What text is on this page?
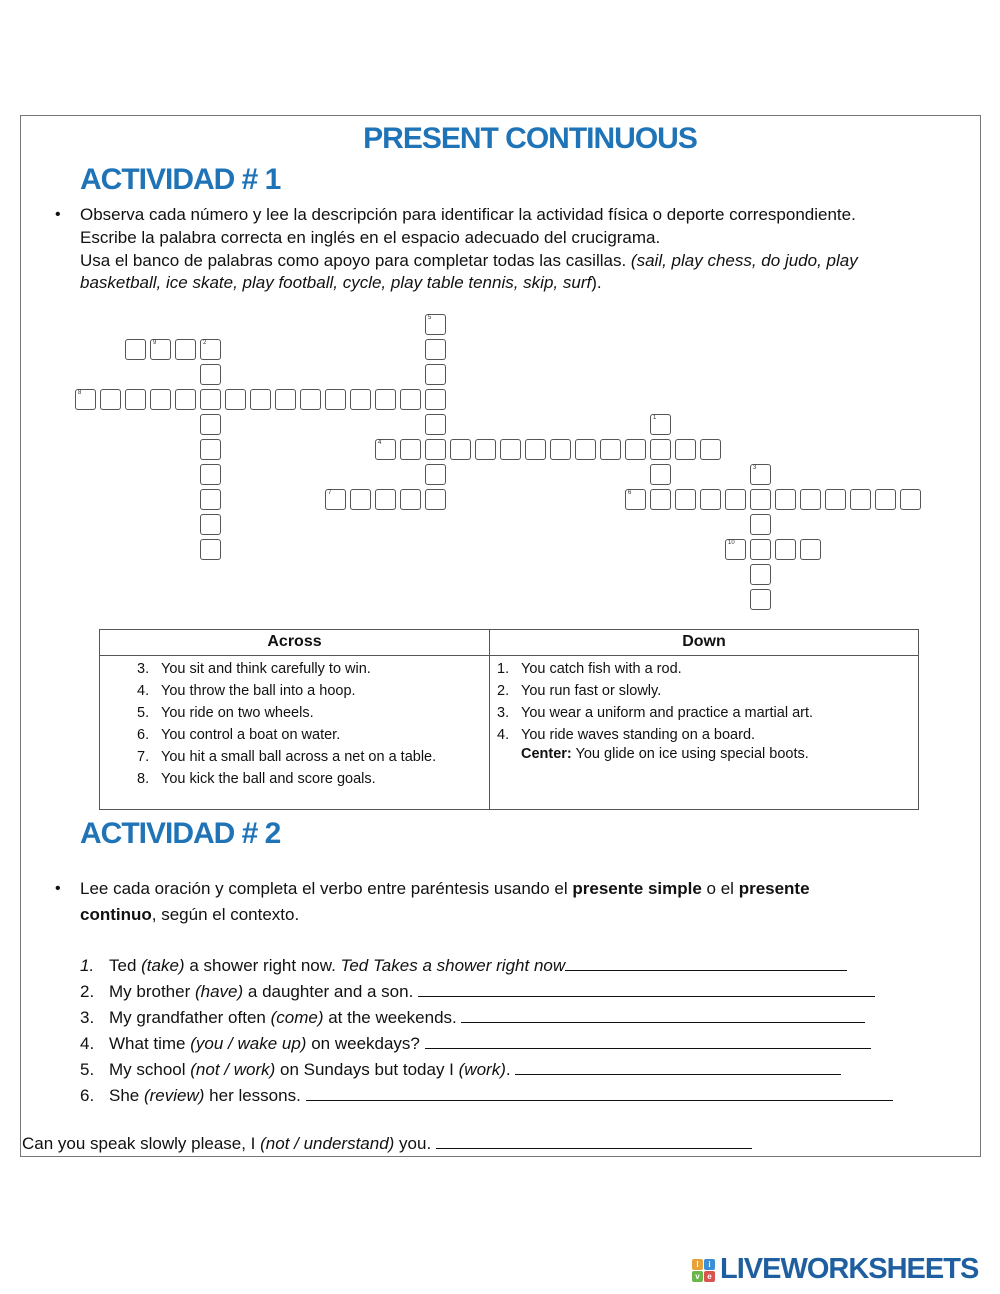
PRESENT CONTINUOUS
ACTIVIDAD # 1
• Observa cada número y lee la descripción para identificar la actividad física o deporte correspondiente.
Escribe la palabra correcta en inglés en el espacio adecuado del crucigrama.
Usa el banco de palabras como apoyo para completar todas las casillas. (sail, play chess, do judo, play
basketball, ice skate, play football, cycle, play table tennis, skip, surf).
9	2
5
8
4
1
7	6
3
10
Across	Down
3. You sit and think carefully to win.
4. You throw the ball into a hoop.
5. You ride on two wheels.
6. You control a boat on water.
7. You hit a small ball across a net on a table.
8. You kick the ball and score goals.
1. You catch fish with a rod.
2. You run fast or slowly.
3. You wear a uniform and practice a martial art.
4. You ride waves standing on a board.
Center: You glide on ice using special boots.
ACTIVIDAD # 2
• Lee cada oración y completa el verbo entre paréntesis usando el presente simple o el presente
continuo, según el contexto.
1. Ted (take) a shower right now. Ted Takes a shower right now
2. My brother (have) a daughter and a son.
3. My grandfather often (come) at the weekends.
4. What time (you / wake up) on weekdays?
5. My school (not / work) on Sundays but today I (work).
6. She (review) her lessons.
Can you speak slowly please, I (not / understand) you.
l	i
v e LIVEWORKSHEETS
